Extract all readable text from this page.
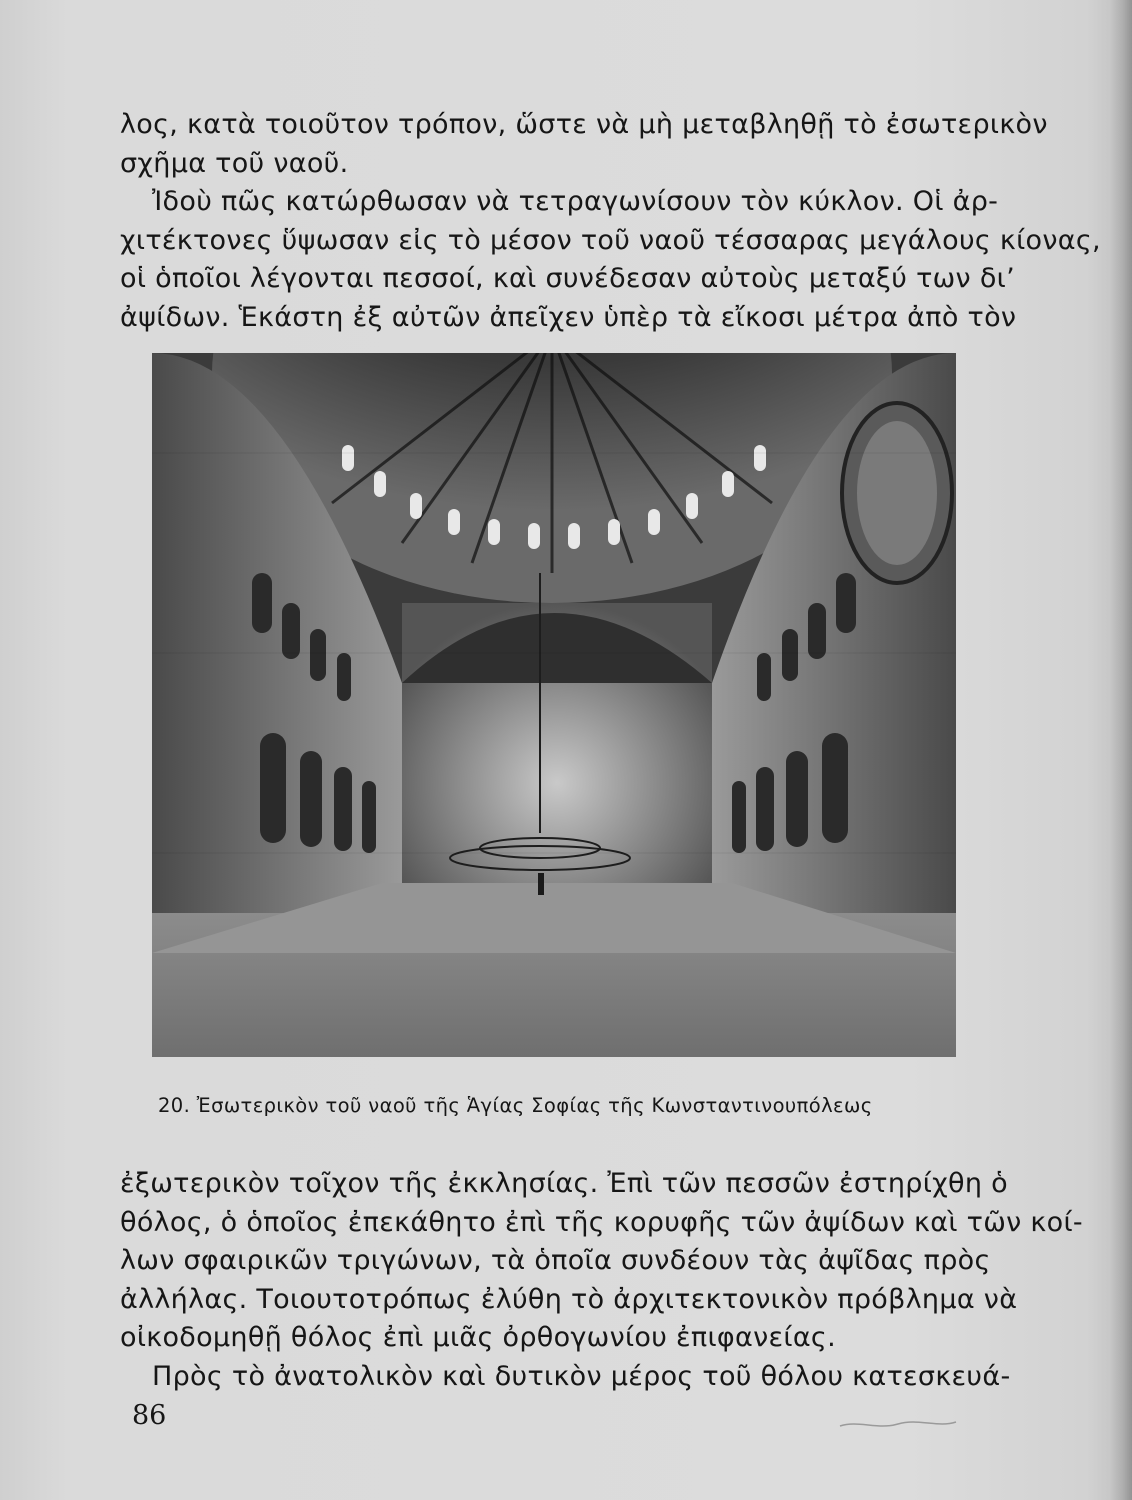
λος, κατὰ τοιοῦτον τρόπον, ὥστε νὰ μὴ μεταβληθῇ τὸ ἐσωτερικὸν
σχῆμα τοῦ ναοῦ.
Ἰδοὺ πῶς κατώρθωσαν νὰ τετραγωνίσουν τὸν κύκλον. Οἱ ἀρ-
χιτέκτονες ὕψωσαν εἰς τὸ μέσον τοῦ ναοῦ τέσσαρας μεγάλους κίονας,
οἱ ὁποῖοι λέγονται πεσσοί, καὶ συνέδεσαν αὐτοὺς μεταξύ των δι’
ἀψίδων. Ἑκάστη ἐξ αὐτῶν ἀπεῖχεν ὑπὲρ τὰ εἴκοσι μέτρα ἀπὸ τὸν
20. Ἐσωτερικὸν τοῦ ναοῦ τῆς Ἁγίας Σοφίας τῆς Κωνσταντινουπόλεως
ἐξωτερικὸν τοῖχον τῆς ἐκκλησίας. Ἐπὶ τῶν πεσσῶν ἐστηρίχθη ὁ
θόλος, ὁ ὁποῖος ἐπεκάθητο ἐπὶ τῆς κορυφῆς τῶν ἀψίδων καὶ τῶν κοί-
λων σφαιρικῶν τριγώνων, τὰ ὁποῖα συνδέουν τὰς ἀψῖδας πρὸς
ἀλλήλας. Τοιουτοτρόπως ἐλύθη τὸ ἀρχιτεκτονικὸν πρόβλημα νὰ
οἰκοδομηθῇ θόλος ἐπὶ μιᾶς ὀρθογωνίου ἐπιφανείας.
Πρὸς τὸ ἀνατολικὸν καὶ δυτικὸν μέρος τοῦ θόλου κατεσκευά-
86
